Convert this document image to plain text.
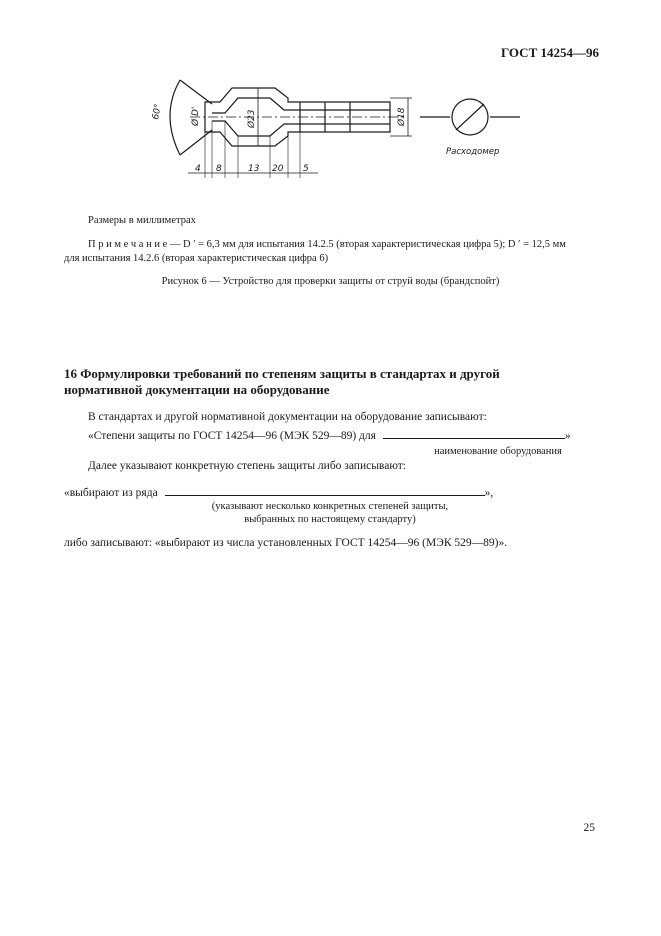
ГОСТ 14254—96
60°	Ø D'	Ø23	Ø18
4 8	13 20 5
Расходомер
Размеры в миллиметрах
П р и м е ч а н и е — D ′ = 6,3 мм для испытания 14.2.5 (вторая характеристическая цифра 5); D ′ = 12,5 мм
для испытания 14.2.6 (вторая характеристическая цифра 6)
Рисунок 6 — Устройство для проверки защиты от струй воды (брандспойт)
16 Формулировки требований по степеням защиты в стандартах и другой
нормативной документации на оборудование
В стандартах и другой нормативной документации на оборудование записывают:
«Степени защиты по ГОСТ 14254—96 (МЭК 529—89) для	»
наименование оборудования
Далее указывают конкретную степень защиты либо записывают:
«выбирают из ряда	»,
(указывают несколько конкретных степеней защиты,
выбранных по настоящему стандарту)
либо записывают: «выбирают из числа установленных ГОСТ 14254—96 (МЭК 529—89)».
25
